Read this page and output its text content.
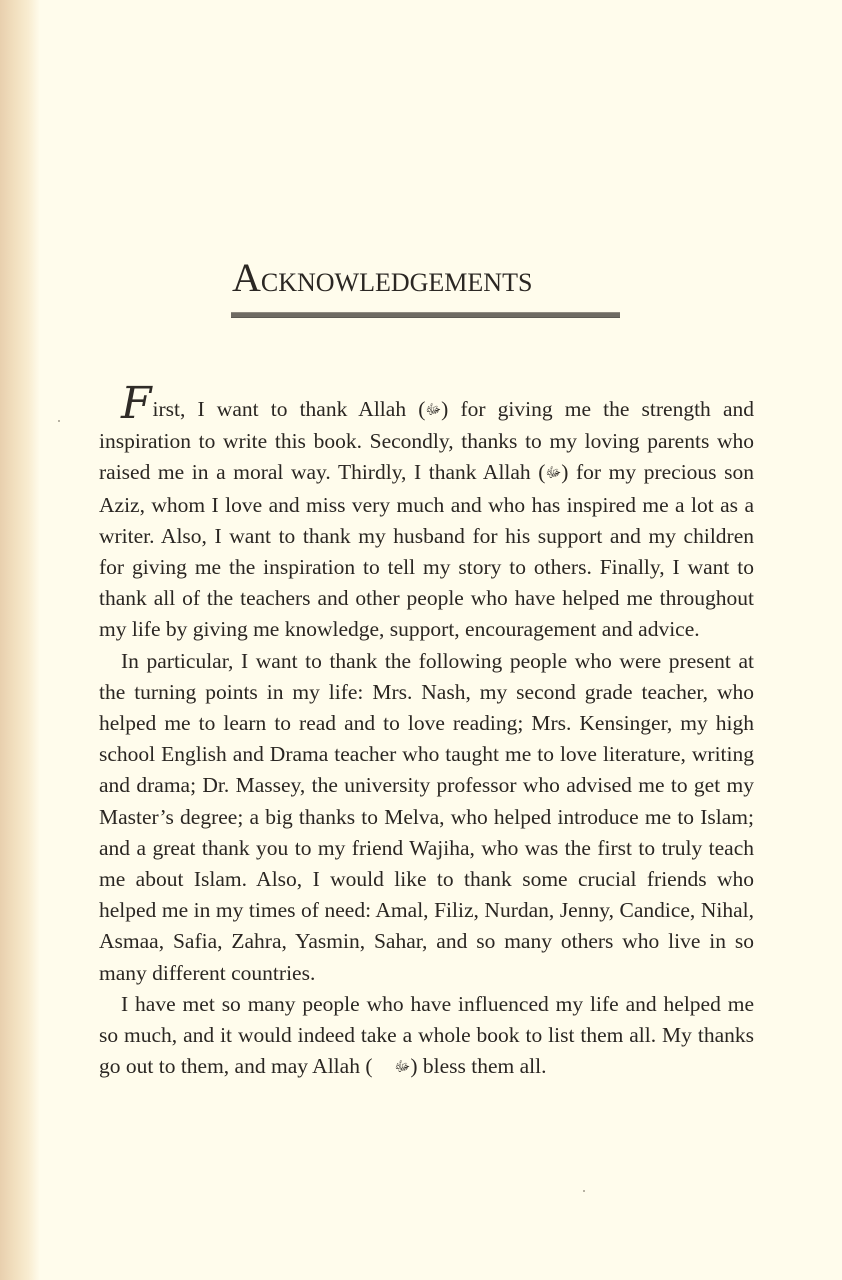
ACKNOWLEDGEMENTS

First, I want to thank Allah (ﷻ) for giving me the strength and inspiration to write this book. Secondly, thanks to my loving parents who raised me in a moral way. Thirdly, I thank Allah (ﷻ) for my precious son Aziz, whom I love and miss very much and who has inspired me a lot as a writer. Also, I want to thank my husband for his support and my children for giving me the inspiration to tell my story to others. Finally, I want to thank all of the teachers and other people who have helped me throughout my life by giving me knowledge, support, encouragement and advice.

In particular, I want to thank the following people who were present at the turning points in my life: Mrs. Nash, my second grade teacher, who helped me to learn to read and to love reading; Mrs. Kensinger, my high school English and Drama teacher who taught me to love literature, writing and drama; Dr. Massey, the university professor who advised me to get my Master’s degree; a big thanks to Melva, who helped introduce me to Islam; and a great thank you to my friend Wajiha, who was the first to truly teach me about Islam. Also, I would like to thank some crucial friends who helped me in my times of need: Amal, Filiz, Nurdan, Jenny, Candice, Nihal, Asmaa, Safia, Zahra, Yasmin, Sahar, and so many others who live in so many different countries.

I have met so many people who have influenced my life and helped me so much, and it would indeed take a whole book to list them all. My thanks go out to them, and may Allah ( ﷻ) bless them all.
